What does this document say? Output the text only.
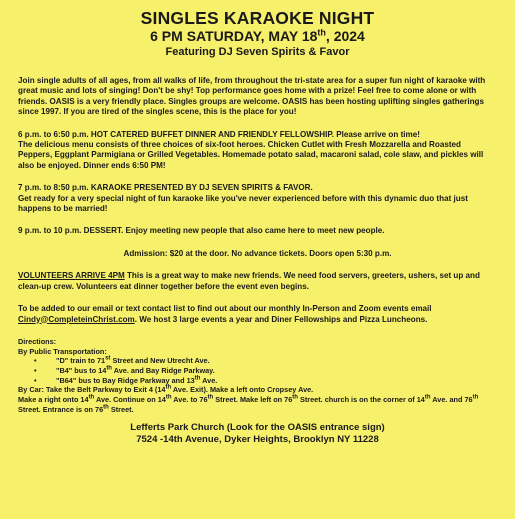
SINGLES KARAOKE NIGHT
6 PM SATURDAY, MAY 18th, 2024
Featuring DJ Seven Spirits & Favor

Join single adults of all ages, from all walks of life, from throughout the tri-state area for a super fun night of karaoke with great music and lots of singing! Don't be shy! Top performance goes home with a prize! Feel free to come alone or with friends. OASIS is a very friendly place. Singles groups are welcome. OASIS has been hosting uplifting singles gatherings since 1997. If you are tired of the singles scene, this is the place for you!

6 p.m. to 6:50 p.m. HOT CATERED BUFFET DINNER AND FRIENDLY FELLOWSHIP. Please arrive on time!
The delicious menu consists of three choices of six-foot heroes. Chicken Cutlet with Fresh Mozzarella and Roasted Peppers, Eggplant Parmigiana or Grilled Vegetables. Homemade potato salad, macaroni salad, cole slaw, and pickles will also be enjoyed. Dinner ends 6:50 PM!

7 p.m. to 8:50 p.m. KARAOKE PRESENTED BY DJ SEVEN SPIRITS & FAVOR.
Get ready for a very special night of fun karaoke like you've never experienced before with this dynamic duo that just happens to be married!

9 p.m. to 10 p.m. DESSERT. Enjoy meeting new people that also came here to meet new people.

Admission: $20 at the door. No advance tickets. Doors open 5:30 p.m.

VOLUNTEERS ARRIVE 4PM This is a great way to make new friends. We need food servers, greeters, ushers, set up and clean-up crew. Volunteers eat dinner together before the event even begins.

To be added to our email or text contact list to find out about our monthly In-Person and Zoom events email Cindy@CompleteinChrist.com. We host 3 large events a year and Diner Fellowships and Pizza Luncheons.

Directions:
By Public Transportation:
•	"D" train to 71st Street and New Utrecht Ave.
•	"B4" bus to 14th Ave. and Bay Ridge Parkway.
•	"B64" bus to Bay Ridge Parkway and 13th Ave.
By Car: Take the Belt Parkway to Exit 4 (14th Ave. Exit). Make a left onto Cropsey Ave.
Make a right onto 14th Ave. Continue on 14th Ave. to 76th Street. Make left on 76th Street. church is on the corner of 14th Ave. and 76th Street. Entrance is on 76th Street.
Lefferts Park Church (Look for the OASIS entrance sign)
7524 -14th Avenue, Dyker Heights, Brooklyn NY 11228
